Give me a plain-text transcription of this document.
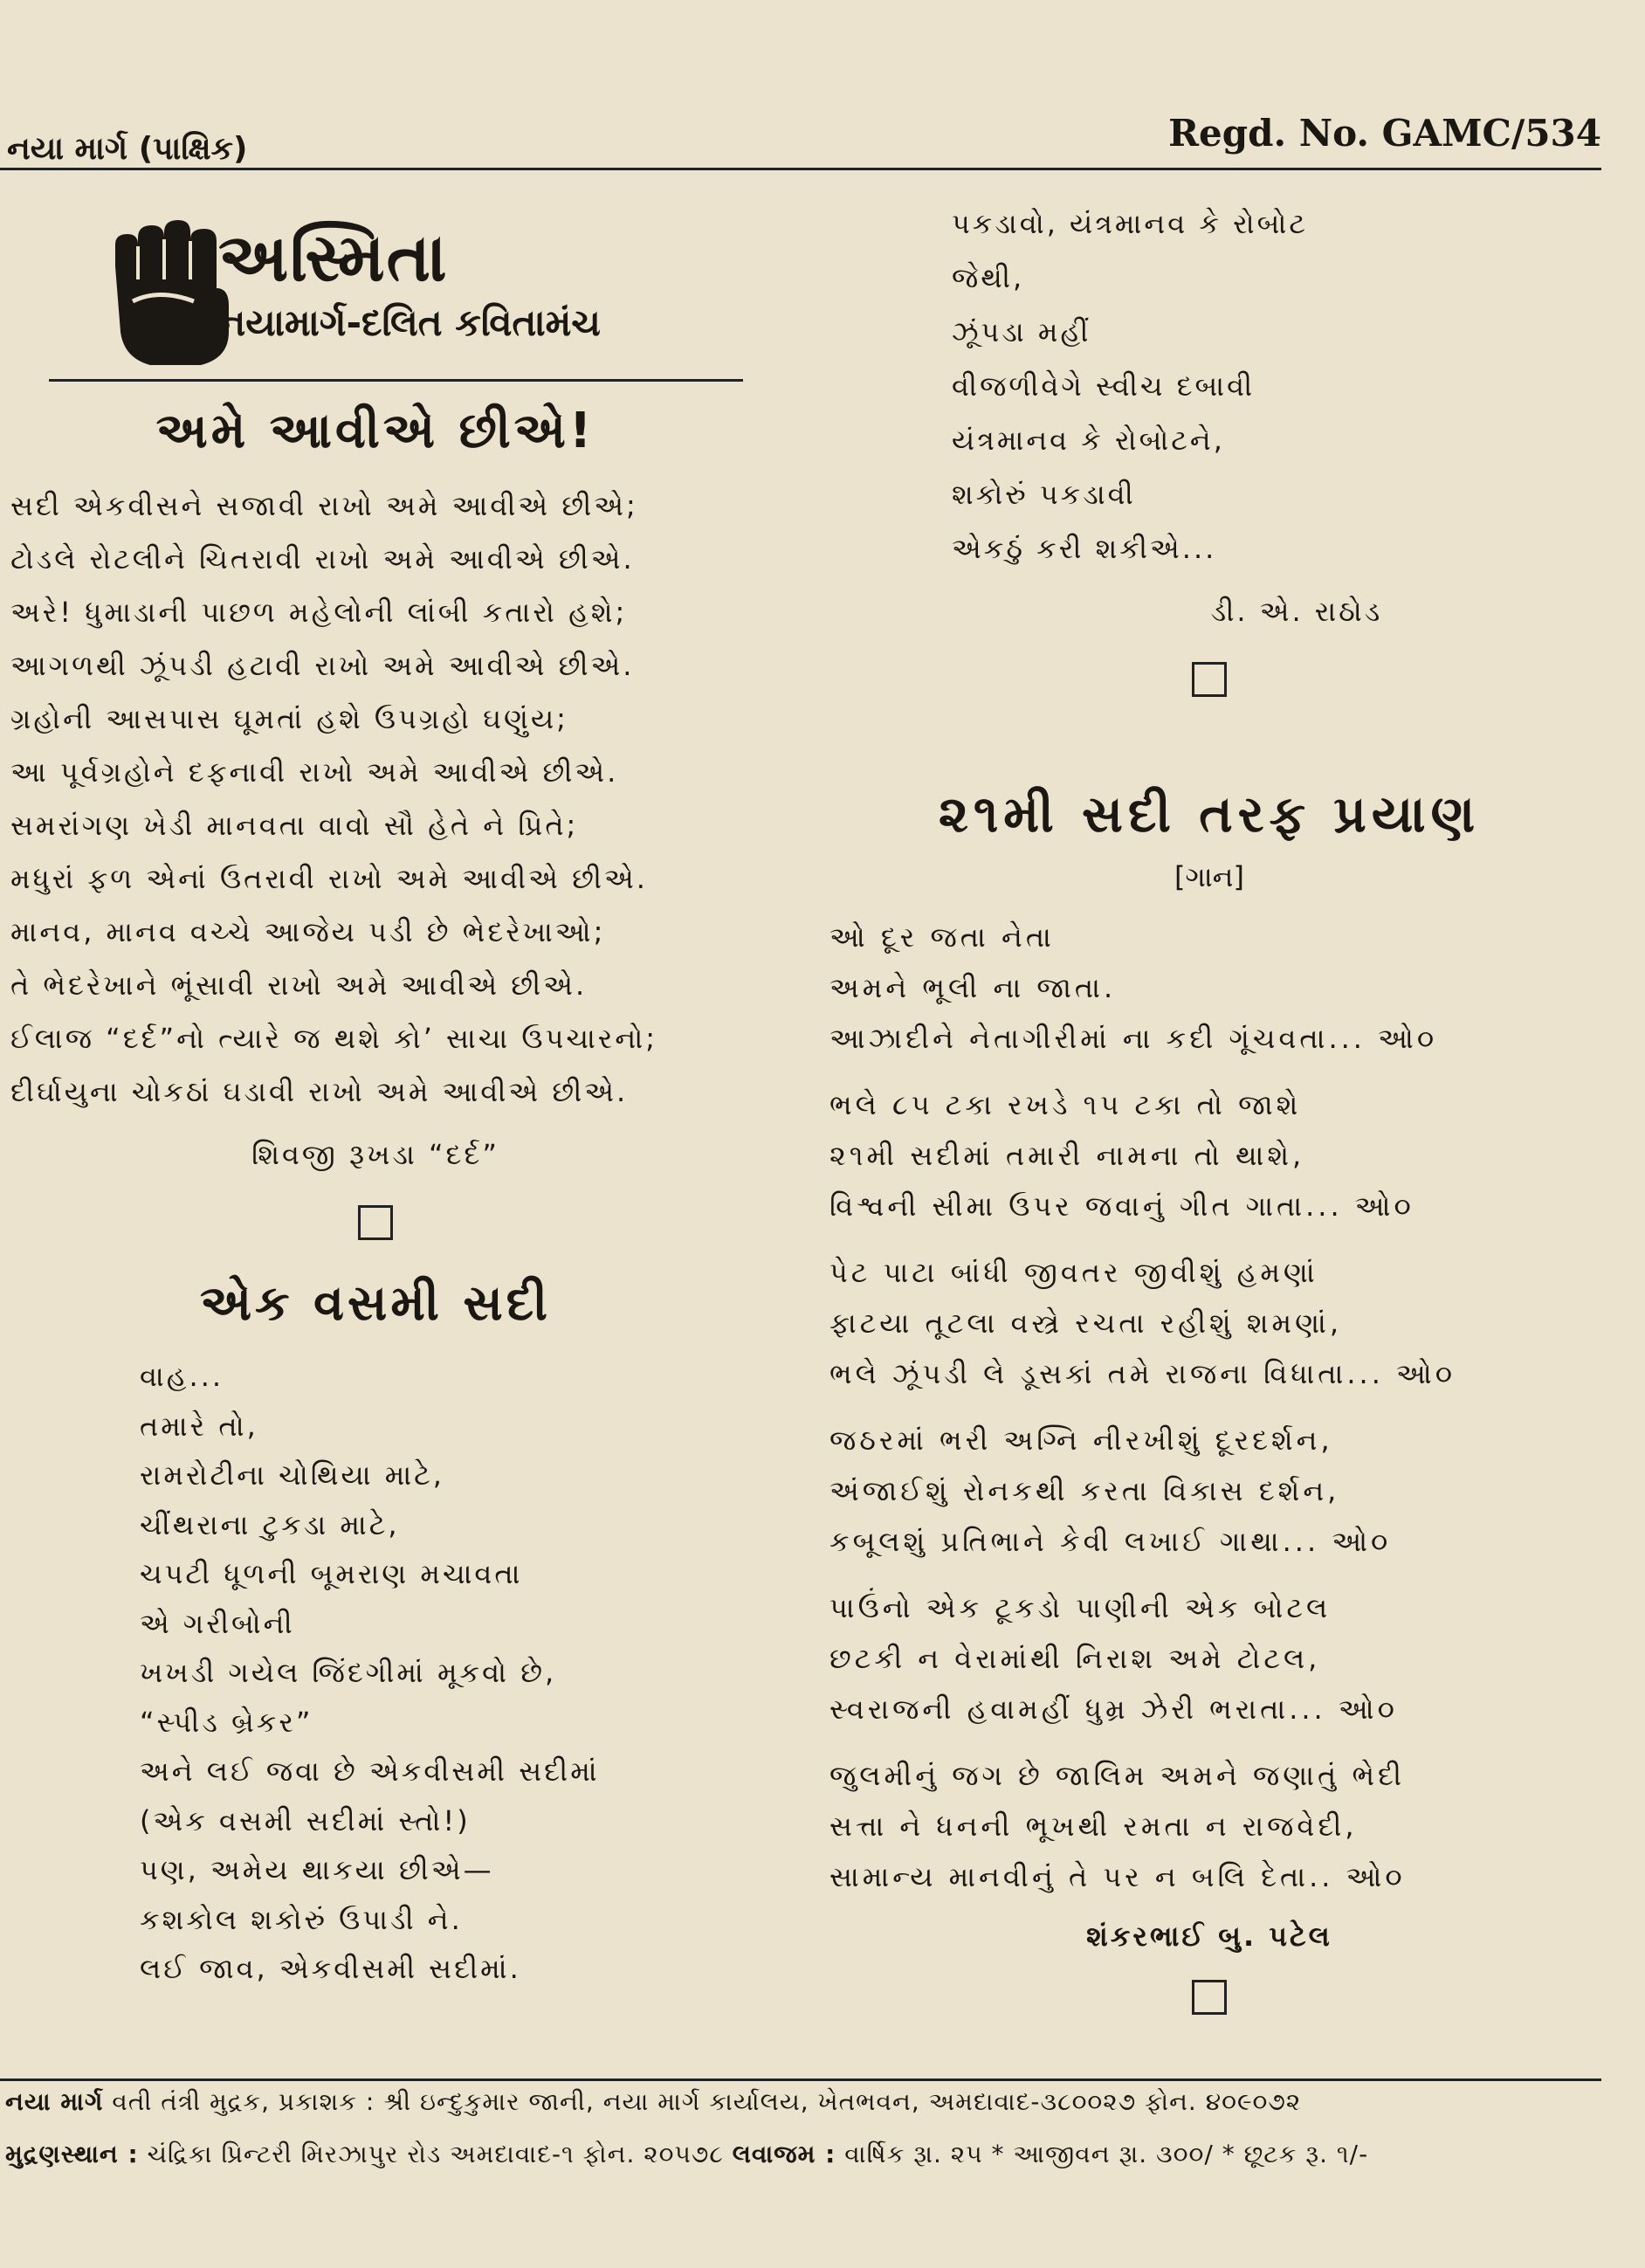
નયા માર્ગ (પાક્ષિક)	Regd. No. GAMC/534
અસ્મિતા
નયામાર્ગ-દલિત કવિતામંચ
અમે આવીએ છીએ!
સદી એકવીસને સજાવી રાખો અમે આવીએ છીએ;
ટોડલે રોટલીને ચિતરાવી રાખો અમે આવીએ છીએ.
અરે! ધુમાડાની પાછળ મહેલોની લાંબી કતારો હશે;
આગળથી ઝૂંપડી હટાવી રાખો અમે આવીએ છીએ.
ગ્રહોની આસપાસ ઘૂમતાં હશે ઉપગ્રહો ઘણુંય;
આ પૂર્વગ્રહોને દફનાવી રાખો અમે આવીએ છીએ.
સમરાંગણ ખેડી માનવતા વાવો સૌ હેતે ને પ્રિતે;
મધુરાં ફળ એનાં ઉતરાવી રાખો અમે આવીએ છીએ.
માનવ, માનવ વચ્ચે આજેય પડી છે ભેદરેખાઓ;
તે ભેદરેખાને ભૂંસાવી રાખો અમે આવીએ છીએ.
ઈલાજ “દર્દ”નો ત્યારે જ થશે કો’ સાચા ઉપચારનો;
દીર્ઘાયુના ચોકઠાં ઘડાવી રાખો અમે આવીએ છીએ.
શિવજી રૂખડા “દર્દ”
એક વસમી સદી
વાહ...
તમારે તો,
રામરોટીના ચોથિયા માટે,
ચીંથરાના ટુકડા માટે,
ચપટી ધૂળની બૂમરાણ મચાવતા
એ ગરીબોની
ખખડી ગયેલ જિંદગીમાં મૂકવો છે,
“સ્પીડ બ્રેકર”
અને લઈ જવા છે એકવીસમી સદીમાં
(એક વસમી સદીમાં સ્તો!)
પણ, અમેય થાકયા છીએ—
કશકોલ શકોરું ઉપાડી ને.
લઈ જાવ, એકવીસમી સદીમાં.
પકડાવો, યંત્રમાનવ કે રોબોટ
જેથી,
ઝૂંપડા મહીં
વીજળીવેગે સ્વીચ દબાવી
યંત્રમાનવ કે રોબોટને,
શકોરું પકડાવી
એકઠું કરી શકીએ...
ડી. એ. રાઠોડ
૨૧મી સદી તરફ પ્રયાણ
[ગાન]
ઓ દૂર જતા નેતા
અમને ભૂલી ના જાતા.
આઝાદીને નેતાગીરીમાં ના કદી ગૂંચવતા... ઓ૦
ભલે ૮૫ ટકા રખડે ૧૫ ટકા તો જાશે
૨૧મી સદીમાં તમારી નામના તો થાશે,
વિશ્વની સીમા ઉપર જવાનું ગીત ગાતા... ઓ૦
પેટ પાટા બાંધી જીવતર જીવીશું હમણાં
ફાટયા તૂટલા વસ્ત્રે રચતા રહીશું શમણાં,
ભલે ઝૂંપડી લે ડૂસકાં તમે રાજના વિધાતા... ઓ૦
જઠરમાં ભરી અગ્નિ નીરખીશું દૂરદર્શન,
અંજાઈશું રોનકથી કરતા વિકાસ દર્શન,
કબૂલશું પ્રતિભાને કેવી લખાઈ ગાથા... ઓ૦
પાઉંનો એક ટૂકડો પાણીની એક બોટલ
છટકી ન વેરામાંથી નિરાશ અમે ટોટલ,
સ્વરાજની હવામહીં ધુમ્ર ઝેરી ભરાતા... ઓ૦
જુલમીનું જગ છે જાલિમ અમને જણાતું ભેદી
સત્તા ને ધનની ભૂખથી રમતા ન રાજવેદી,
સામાન્ય માનવીનું તે પર ન બલિ દેતા.. ઓ૦
શંકરભાઈ બુ. પટેલ
નયા માર્ગ વતી તંત્રી મુદ્રક, પ્રકાશક : શ્રી ઇન્દુકુમાર જાની, નયા માર્ગ કાર્યાલય, ખેતભવન, અમદાવાદ-૩૮૦૦૨૭ ફોન. ૪૦૯૦૭૨
મુદ્રણસ્થાન : ચંદ્રિકા પ્રિન્ટરી મિરઝાપુર રોડ અમદાવાદ-૧ ફોન. ૨૦૫૭૮ લવાજમ : વાર્ષિક રૂા. ૨૫ * આજીવન રૂા. ૩૦૦/ * છૂટક રૂ. ૧/-
